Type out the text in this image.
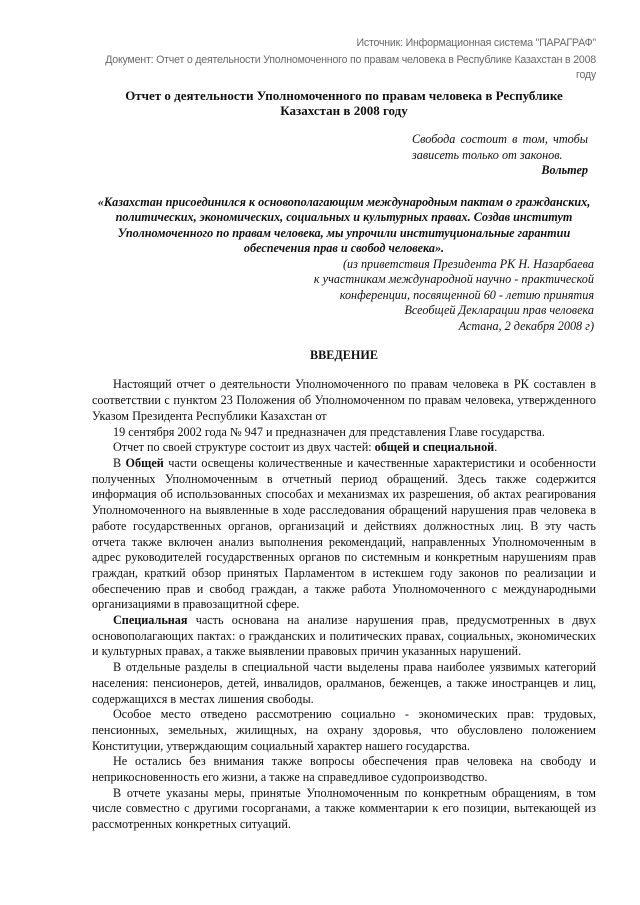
Источник: Информационная система "ПАРАГРАФ"
Документ: Отчет о деятельности Уполномоченного по правам человека в Республике Казахстан в 2008 году
Отчет о деятельности Уполномоченного по правам человека в Республике Казахстан в 2008 году
Свобода состоит в том, чтобы зависеть только от законов.
Вольтер
«Казахстан присоединился к основополагающим международным пактам о гражданских, политических, экономических, социальных и культурных правах. Создав институт Уполномоченного по правам человека, мы упрочили институциональные гарантии обеспечения прав и свобод человека».
(из приветствия Президента РК Н. Назарбаева
к участникам международной научно - практической
конференции, посвященной 60 - летию принятия
Всеобщей Декларации прав человека
Астана, 2 декабря 2008 г)
ВВЕДЕНИЕ

Настоящий отчет о деятельности Уполномоченного по правам человека в РК составлен в соответствии с пунктом 23 Положения об Уполномоченном по правам человека, утвержденного Указом Президента Республики Казахстан от

19 сентября 2002 года № 947 и предназначен для представления Главе государства.

Отчет по своей структуре состоит из двух частей: общей и специальной.

В Общей части освещены количественные и качественные характеристики и особенности полученных Уполномоченным в отчетный период обращений. Здесь также содержится информация об использованных способах и механизмах их разрешения, об актах реагирования Уполномоченного на выявленные в ходе расследования обращений нарушения прав человека в работе государственных органов, организаций и действиях должностных лиц. В эту часть отчета также включен анализ выполнения рекомендаций, направленных Уполномоченным в адрес руководителей государственных органов по системным и конкретным нарушениям прав граждан, краткий обзор принятых Парламентом в истекшем году законов по реализации и обеспечению прав и свобод граждан, а также работа Уполномоченного с международными организациями в правозащитной сфере.

Специальная часть основана на анализе нарушения прав, предусмотренных в двух основополагающих пактах: о гражданских и политических правах, социальных, экономических и культурных правах, а также выявлении правовых причин указанных нарушений.

В отдельные разделы в специальной части выделены права наиболее уязвимых категорий населения: пенсионеров, детей, инвалидов, оралманов, беженцев, а также иностранцев и лиц, содержащихся в местах лишения свободы.

Особое место отведено рассмотрению социально - экономических прав: трудовых, пенсионных, земельных, жилищных, на охрану здоровья, что обусловлено положением Конституции, утверждающим социальный характер нашего государства.

Не остались без внимания также вопросы обеспечения прав человека на свободу и неприкосновенность его жизни, а также на справедливое судопроизводство.

В отчете указаны меры, принятые Уполномоченным по конкретным обращениям, в том числе совместно с другими госорганами, а также комментарии к его позиции, вытекающей из рассмотренных конкретных ситуаций.
